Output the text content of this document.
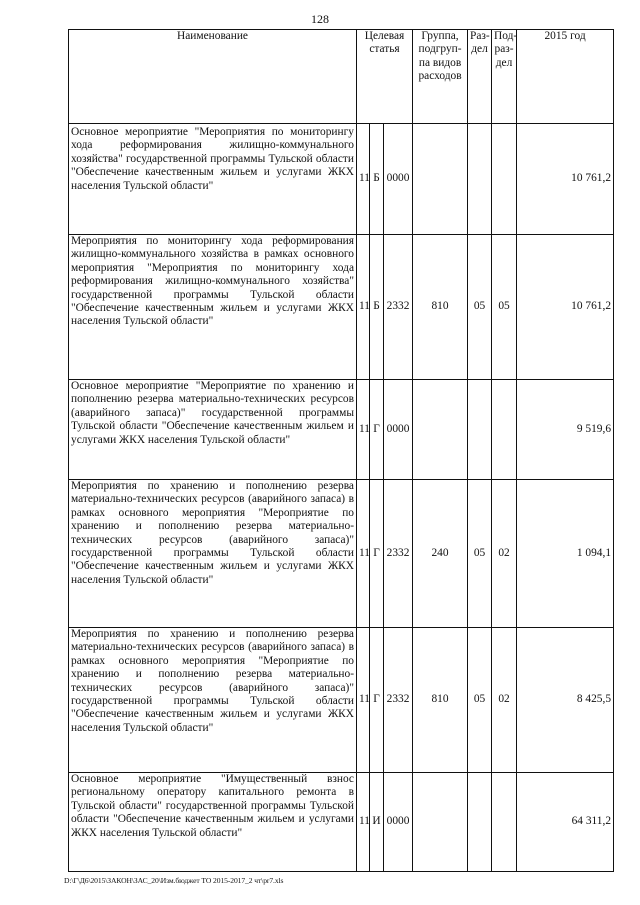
128
Наименование	Целевая статья			Группа, подгруп-па видов расходов	Раз-дел	Под-раз-дел	2015 год
Основное мероприятие "Мероприятия по мониторингу хода реформирования жилищно-коммунального хозяйства" государственной программы Тульской области "Обеспечение качественным жильем и услугами ЖКХ населения Тульской области"	11	Б	0000				10 761,2
Мероприятия по мониторингу хода реформирования жилищно-коммунального хозяйства в рамках основного мероприятия "Мероприятия по мониторингу хода реформирования жилищно-коммунального хозяйства" государственной программы Тульской области "Обеспечение качественным жильем и услугами ЖКХ населения Тульской области"	11	Б	2332	810	05	05	10 761,2
Основное мероприятие "Мероприятие по хранению и пополнению резерва материально-технических ресурсов (аварийного запаса)" государственной программы Тульской области "Обеспечение качественным жильем и услугами ЖКХ населения Тульской области"	11	Г	0000				9 519,6
Мероприятия по хранению и пополнению резерва материально-технических ресурсов (аварийного запаса) в рамках основного мероприятия "Мероприятие по хранению и пополнению резерва материально-технических ресурсов (аварийного запаса)" государственной программы Тульской области "Обеспечение качественным жильем и услугами ЖКХ населения Тульской области"	11	Г	2332	240	05	02	1 094,1
Мероприятия по хранению и пополнению резерва материально-технических ресурсов (аварийного запаса) в рамках основного мероприятия "Мероприятие по хранению и пополнению резерва материально-технических ресурсов (аварийного запаса)" государственной программы Тульской области "Обеспечение качественным жильем и услугами ЖКХ населения Тульской области"	11	Г	2332	810	05	02	8 425,5
Основное мероприятие "Имущественный взнос региональному оператору капитального ремонта в Тульской области" государственной программы Тульской области "Обеспечение качественным жильем и услугами ЖКХ населения Тульской области"	11	И	0000				64 311,2
D:\Г\Д6\2015\ЗАКОН\ЗАС_20\Изм.бюджет ТО 2015-2017_2 чт\pr7.xls
